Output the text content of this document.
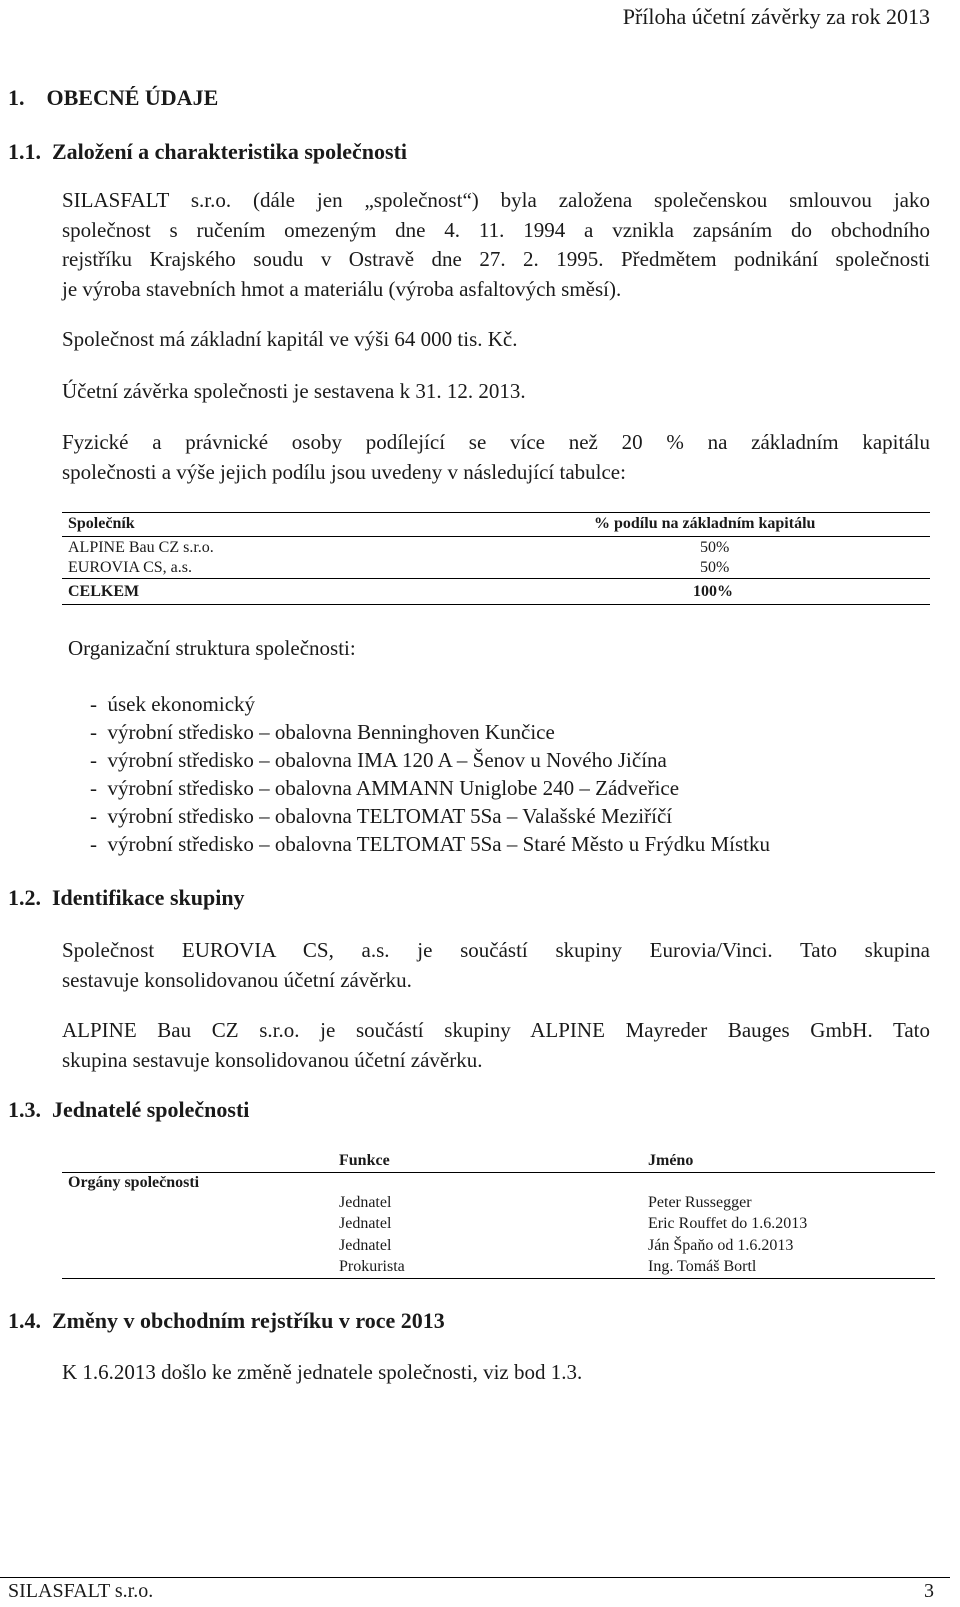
Příloha účetní závěrky za rok 2013
1.    OBECNÉ ÚDAJE
1.1.  Založení a charakteristika společnosti
SILASFALT s.r.o. (dále jen „společnost“) byla založena společenskou smlouvou jako
společnost s ručením omezeným dne 4. 11. 1994 a vznikla zapsáním do obchodního
rejstříku Krajského soudu v Ostravě dne 27. 2. 1995. Předmětem podnikání společnosti
je výroba stavebních hmot a materiálu (výroba asfaltových směsí).
Společnost má základní kapitál ve výši 64 000 tis. Kč.
Účetní závěrka společnosti je sestavena k 31. 12. 2013.
Fyzické a právnické osoby podílející se více než 20 % na základním kapitálu
společnosti a výše jejich podílu jsou uvedeny v následující tabulce:
Společník	% podílu na základním kapitálu
ALPINE Bau CZ s.r.o.	50%
EUROVIA CS, a.s.	50%
CELKEM	100%
Organizační struktura společnosti:
-  úsek ekonomický
-  výrobní středisko – obalovna Benninghoven Kunčice
-  výrobní středisko – obalovna IMA 120 A – Šenov u Nového Jičína
-  výrobní středisko – obalovna AMMANN Uniglobe 240 – Zádveřice
-  výrobní středisko – obalovna TELTOMAT 5Sa – Valašské Meziříčí
-  výrobní středisko – obalovna TELTOMAT 5Sa – Staré Město u Frýdku Místku
1.2.  Identifikace skupiny
Společnost EUROVIA CS, a.s. je součástí skupiny Eurovia/Vinci. Tato skupina
sestavuje konsolidovanou účetní závěrku.
ALPINE Bau CZ s.r.o. je součástí skupiny ALPINE Mayreder Bauges GmbH. Tato
skupina sestavuje konsolidovanou účetní závěrku.
1.3.  Jednatelé společnosti
Funkce	Jméno
Orgány společnosti
Jednatel	Peter Russegger
Jednatel	Eric Rouffet do 1.6.2013
Jednatel	Ján Špaňo od 1.6.2013
Prokurista	Ing. Tomáš Bortl
1.4.  Změny v obchodním rejstříku v roce 2013
K 1.6.2013 došlo ke změně jednatele společnosti, viz bod 1.3.
SILASFALT s.r.o.	3
